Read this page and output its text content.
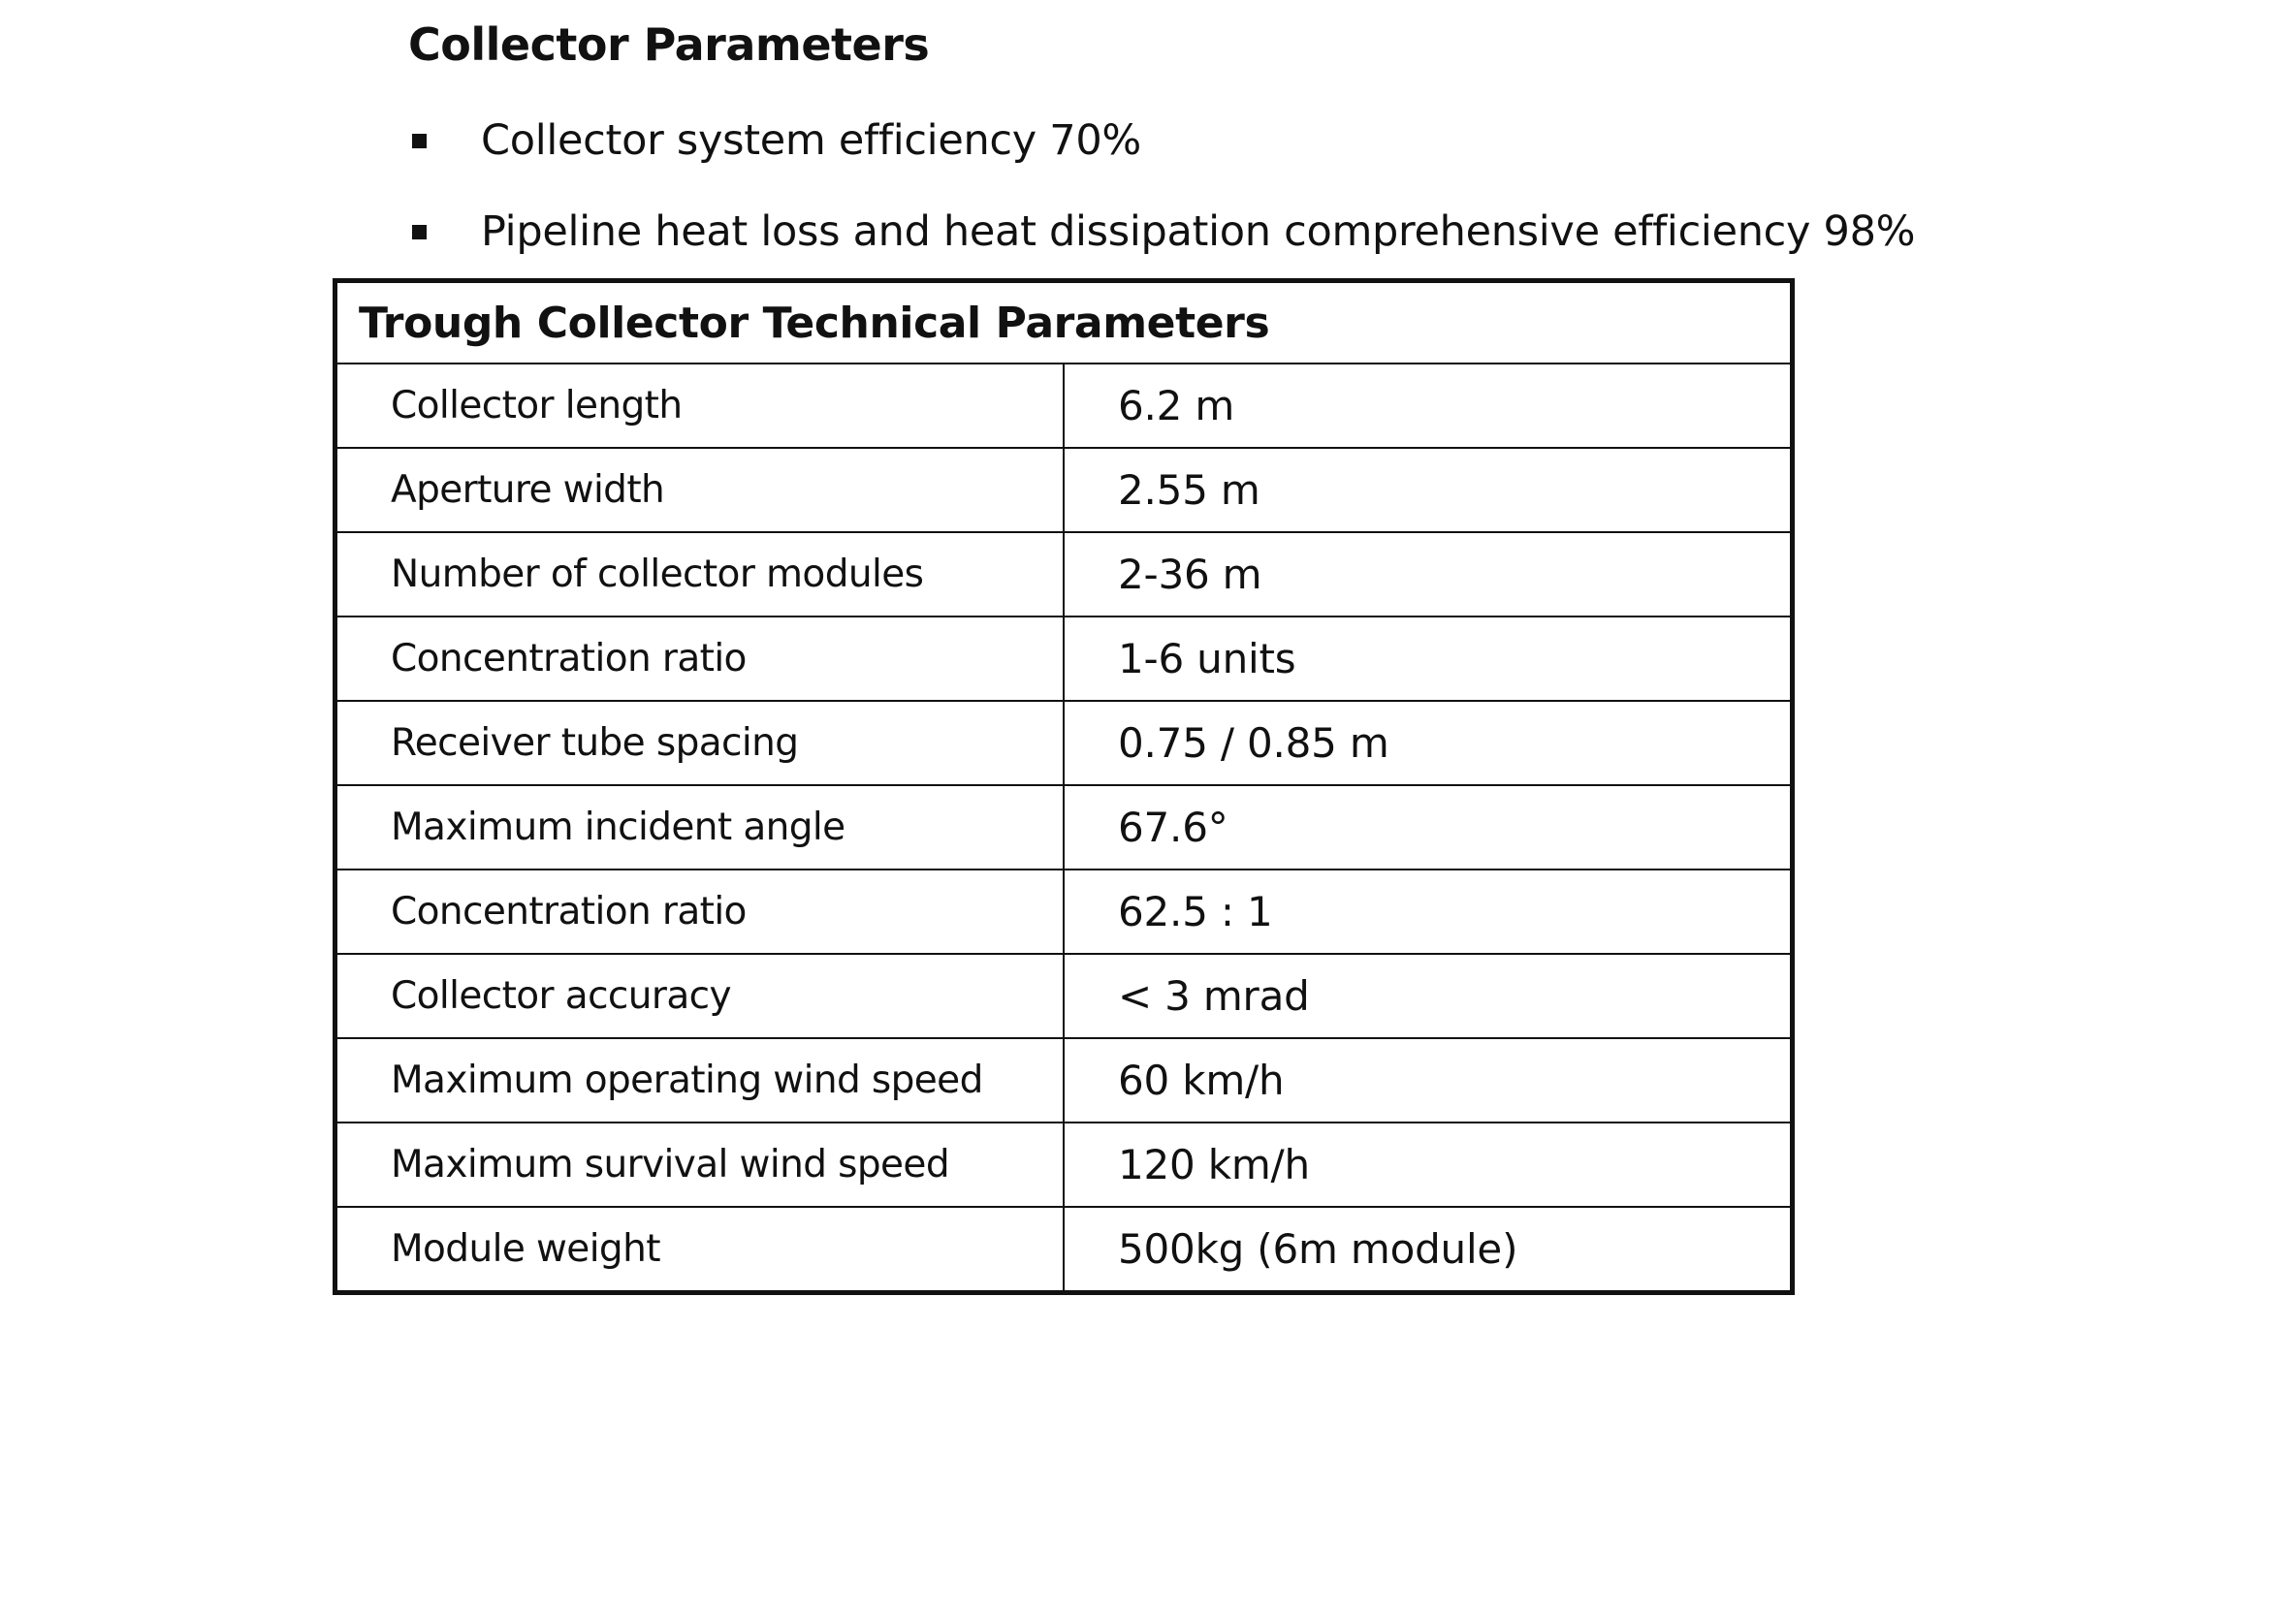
Collector Parameters
Collector system efficiency 70%
Pipeline heat loss and heat dissipation comprehensive efficiency 98%
Trough Collector Technical Parameters	
Collector length	6.2 m
Aperture width	2.55 m
Number of collector modules	2-36 m
Concentration ratio	1-6 units
Receiver tube spacing	0.75 / 0.85 m
Maximum incident angle	67.6°
Concentration ratio	62.5 : 1
Collector accuracy	< 3 mrad
Maximum operating wind speed	60 km/h
Maximum survival wind speed	120 km/h
Module weight	500kg (6m module)
